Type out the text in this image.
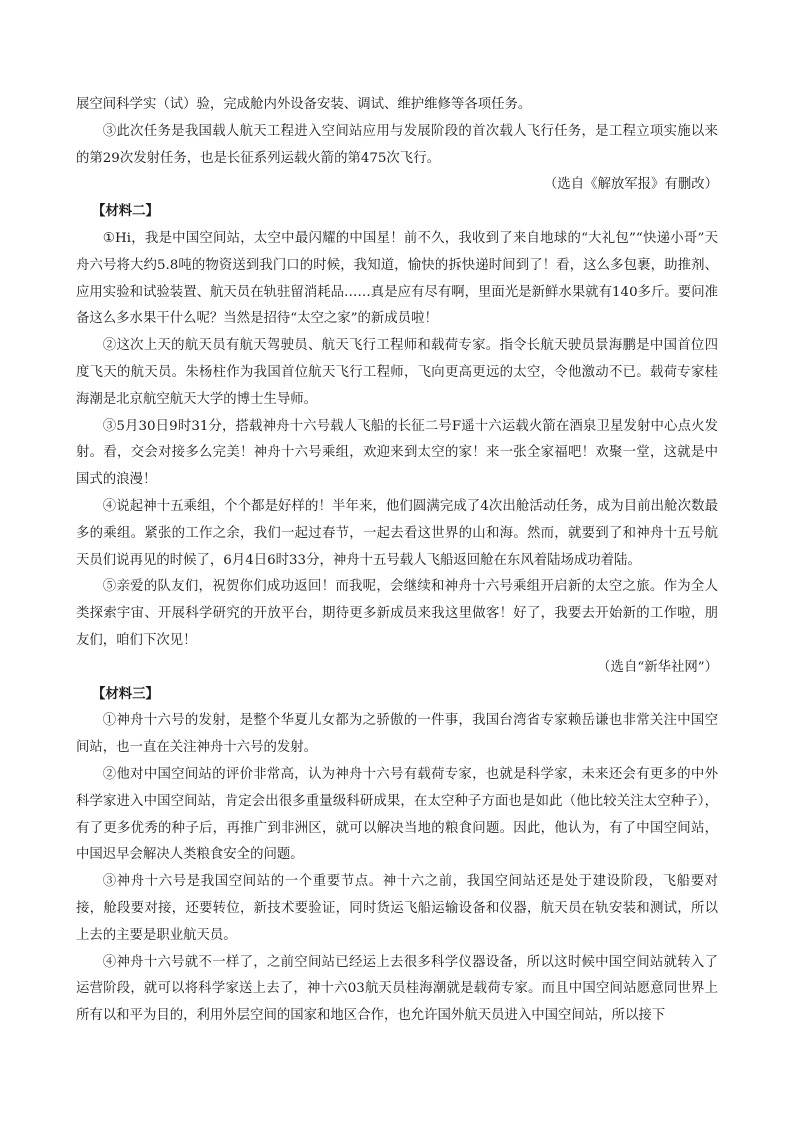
展空间科学实（试）验，完成舱内外设备安装、调试、维护维修等各项任务。

③此次任务是我国载人航天工程进入空间站应用与发展阶段的首次载人飞行任务，是工程立项实施以来的第29次发射任务，也是长征系列运载火箭的第475次飞行。

（选自《解放军报》有删改）

【材料二】

①Hi，我是中国空间站，太空中最闪耀的中国星！前不久，我收到了来自地球的“大礼包”“快递小哥”天舟六号将大约5.8吨的物资送到我门口的时候，我知道，愉快的拆快递时间到了！看，这么多包裹，助推剂、应用实验和试验装置、航天员在轨驻留消耗品……真是应有尽有啊，里面光是新鲜水果就有140多斤。要问准备这么多水果干什么呢？当然是招待“太空之家”的新成员啦！

②这次上天的航天员有航天驾驶员、航天飞行工程师和载荷专家。指令长航天驶员景海鹏是中国首位四度飞天的航天员。朱杨柱作为我国首位航天飞行工程师，飞向更高更远的太空，令他激动不已。载荷专家桂海潮是北京航空航天大学的博士生导师。

③5月30日9时31分，搭载神舟十六号载人飞船的长征二号F遥十六运载火箭在酒泉卫星发射中心点火发射。看，交会对接多么完美！神舟十六号乘组，欢迎来到太空的家！来一张全家福吧！欢聚一堂，这就是中国式的浪漫！

④说起神十五乘组，个个都是好样的！半年来，他们圆满完成了4次出舱活动任务，成为目前出舱次数最多的乘组。紧张的工作之余，我们一起过春节，一起去看这世界的山和海。然而，就要到了和神舟十五号航天员们说再见的时候了，6月4日6时33分，神舟十五号载人飞船返回舱在东风着陆场成功着陆。

⑤亲爱的队友们，祝贺你们成功返回！而我呢，会继续和神舟十六号乘组开启新的太空之旅。作为全人类探索宇宙、开展科学研究的开放平台，期待更多新成员来我这里做客！好了，我要去开始新的工作啦，朋友们，咱们下次见！

（选自“新华社网”）

【材料三】

①神舟十六号的发射，是整个华夏儿女都为之骄傲的一件事，我国台湾省专家赖岳谦也非常关注中国空间站，也一直在关注神舟十六号的发射。

②他对中国空间站的评价非常高，认为神舟十六号有载荷专家，也就是科学家，未来还会有更多的中外科学家进入中国空间站，肯定会出很多重量级科研成果，在太空种子方面也是如此（他比较关注太空种子），有了更多优秀的种子后，再推广到非洲区，就可以解决当地的粮食问题。因此，他认为，有了中国空间站，中国迟早会解决人类粮食安全的问题。

③神舟十六号是我国空间站的一个重要节点。神十六之前，我国空间站还是处于建设阶段，飞船要对接，舱段要对接，还要转位，新技术要验证，同时货运飞船运输设备和仪器，航天员在轨安装和测试，所以上去的主要是职业航天员。

④神舟十六号就不一样了，之前空间站已经运上去很多科学仪器设备，所以这时候中国空间站就转入了运营阶段，就可以将科学家送上去了，神十六03航天员桂海潮就是载荷专家。而且中国空间站愿意同世界上所有以和平为目的，利用外层空间的国家和地区合作，也允许国外航天员进入中国空间站，所以接下
